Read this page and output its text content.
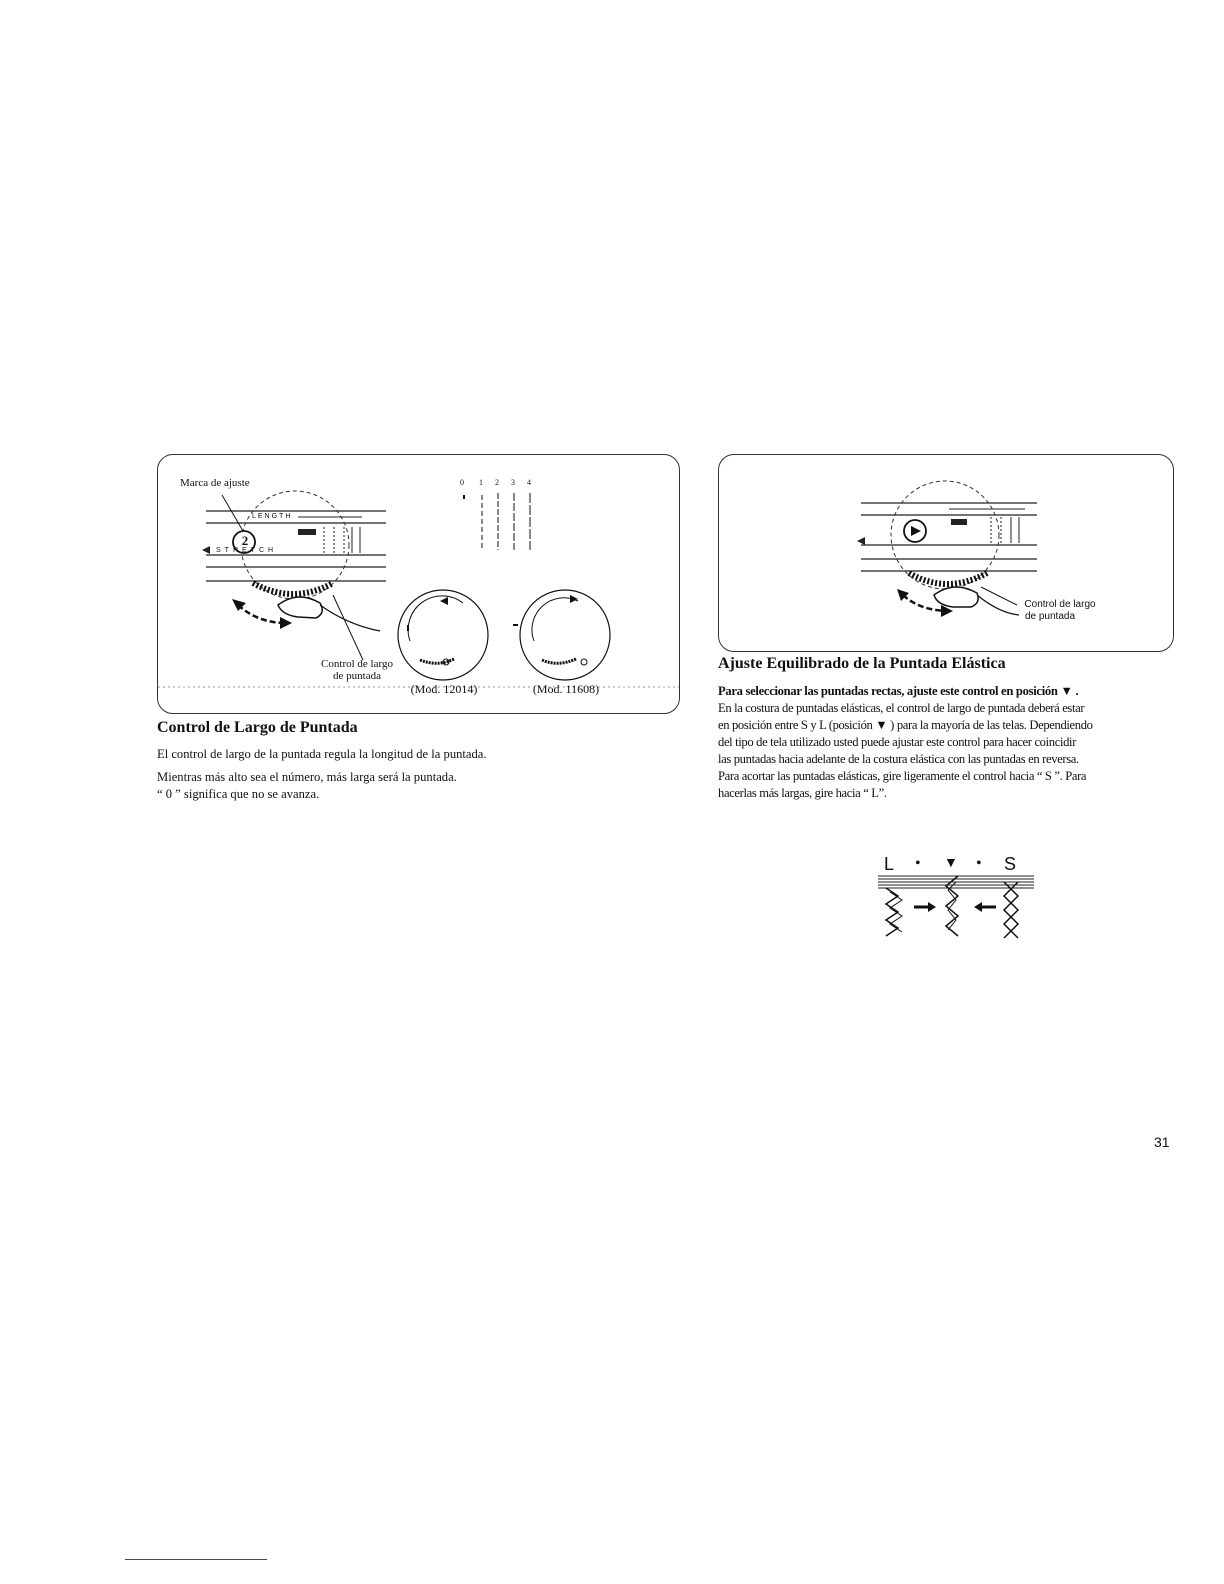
Marca de ajuste
2
LENGTH
STRETCH
0 1 2 3 4
Control de largo
de puntada
(Mod. 12014)	(Mod. 11608)
Control de Largo de Puntada

El control de largo de la puntada regula la longitud de la puntada.

Mientras más alto sea el número, más larga será la puntada.

“ 0 ” significa que no se avanza.

Control de largo
de puntada
Ajuste Equilibrado de la Puntada Elástica

Para seleccionar las puntadas rectas, ajuste este control en posición ▼ .

En la costura de puntadas elásticas, el control de largo de puntada deberá estar

en posición entre S y L (posición ▼ ) para la mayoría de las telas. Dependiendo

del tipo de tela utilizado usted puede ajustar este control para hacer coincidir

las puntadas hacia adelante de la costura elástica con las puntadas en reversa.

Para acortar las puntadas elásticas, gire ligeramente el control hacia “ S ”. Para

hacerlas más largas, gire hacia “ L”.

L • ▼ • S
31
